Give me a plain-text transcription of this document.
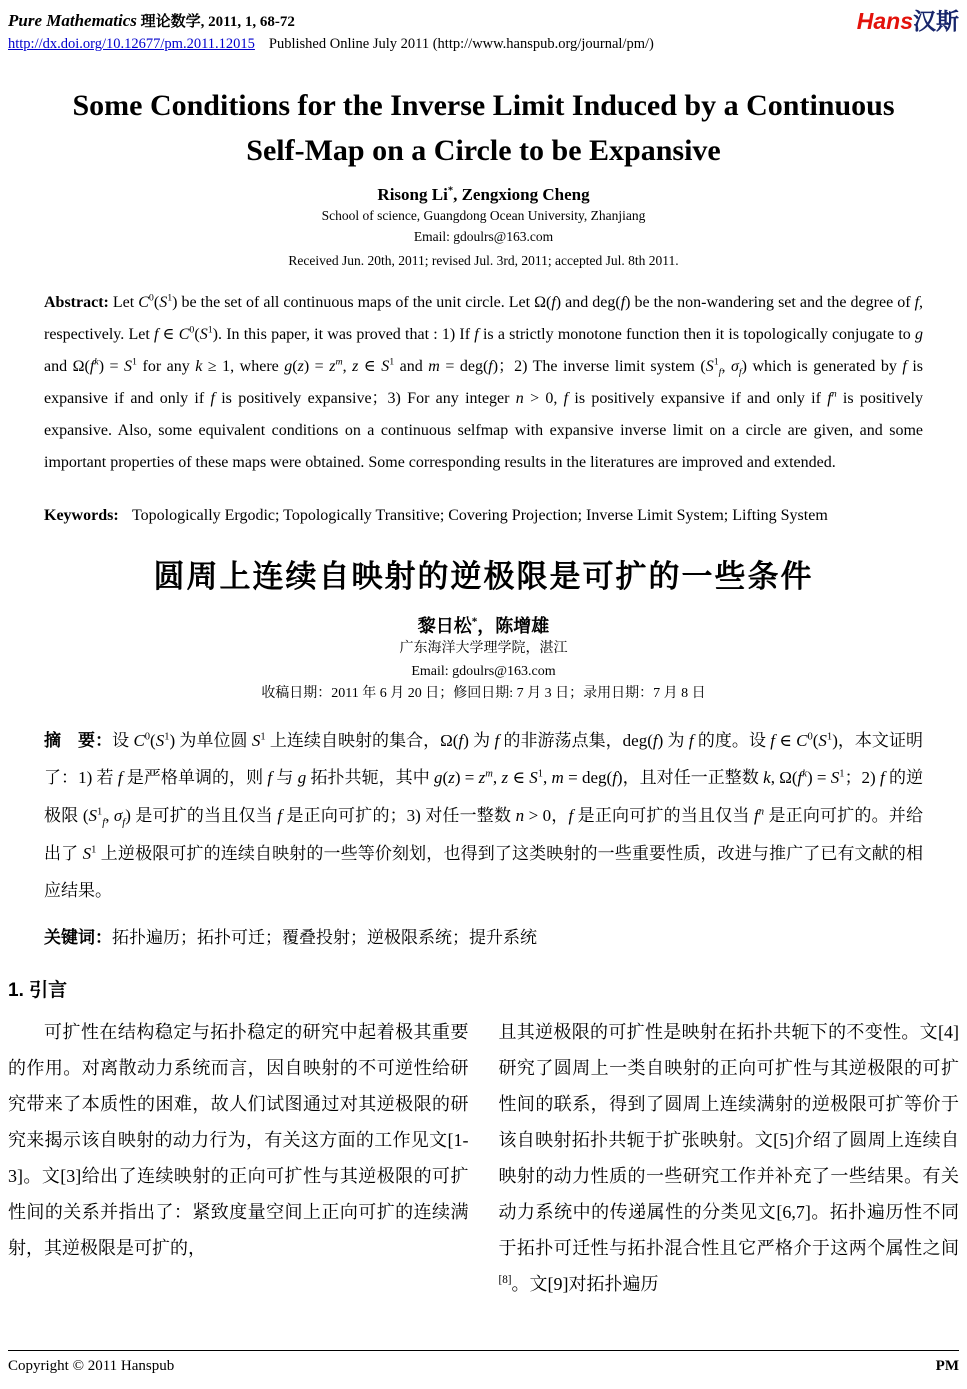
Pure Mathematics 理论数学, 2011, 1, 68-72	Hans汉斯
http://dx.doi.org/10.12677/pm.2011.12015 Published Online July 2011 (http://www.hanspub.org/journal/pm/)
Some Conditions for the Inverse Limit Induced by a Continuous Self-Map on a Circle to be Expansive
Risong Li*, Zengxiong Cheng
School of science, Guangdong Ocean University, Zhanjiang
Email: gdoulrs@163.com
Received Jun. 20th, 2011; revised Jul. 3rd, 2011; accepted Jul. 8th 2011.

Abstract: Let $C^0(S^1)$ be the set of all continuous maps of the unit circle. Let Ω(f) and deg(f) be the non-wandering set and the degree of f, respectively. Let f ∈ $C^0(S^1)$. In this paper, it was proved that : 1) If f is a strictly monotone function then it is topologically conjugate to g and $\Omega(f^k) = S^1$ for any k ≥ 1, where $g(z) = z^m$, z ∈ $S^1$ and m = deg(f)；2) The inverse limit system ($S^1_f$, $\sigma_f$) which is generated by f is expansive if and only if f is positively expansive；3) For any integer n > 0, f is positively expansive if and only if $f^n$ is positively expansive. Also, some equivalent conditions on a continuous selfmap with expansive inverse limit on a circle are given, and some important properties of these maps were obtained. Some corresponding results in the literatures are improved and extended.

Keywords: Topologically Ergodic; Topologically Transitive; Covering Projection; Inverse Limit System; Lifting System

圆周上连续自映射的逆极限是可扩的一些条件
黎日松*，陈增雄
广东海洋大学理学院，湛江
Email: gdoulrs@163.com
收稿日期：2011 年 6 月 20 日；修回日期: 7 月 3 日；录用日期：7 月 8 日

摘　要：设 $C^0(S^1)$ 为单位圆 $S^1$ 上连续自映射的集合，Ω(f) 为 f 的非游荡点集，deg(f) 为 f 的度。设 f ∈ $C^0(S^1)$，本文证明了：1) 若 f 是严格单调的，则 f 与 g 拓扑共轭，其中 $g(z) = z^m$, z ∈ $S^1$, m = deg(f)，且对任一正整数 k, $\Omega(f^k) = S^1$；2) f 的逆极限 ($S^1_f$, $\sigma_f$) 是可扩的当且仅当 f 是正向可扩的；3) 对任一整数 n > 0，f 是正向可扩的当且仅当 $f^n$ 是正向可扩的。并给出了 $S^1$ 上逆极限可扩的连续自映射的一些等价刻划，也得到了这类映射的一些重要性质，改进与推广了已有文献的相应结果。

关键词：拓扑遍历；拓扑可迁；覆叠投射；逆极限系统；提升系统

1. 引言

可扩性在结构稳定与拓扑稳定的研究中起着极其重要的作用。对离散动力系统而言，因自映射的不可逆性给研究带来了本质性的困难，故人们试图通过对其逆极限的研究来揭示该自映射的动力行为，有关这方面的工作见文[1-3]。文[3]给出了连续映射的正向可扩性与其逆极限的可扩性间的关系并指出了：紧致度量空间上正向可扩的连续满射，其逆极限是可扩的，

且其逆极限的可扩性是映射在拓扑共轭下的不变性。文[4]研究了圆周上一类自映射的正向可扩性与其逆极限的可扩性间的联系，得到了圆周上连续满射的逆极限可扩等价于该自映射拓扑共轭于扩张映射。文[5]介绍了圆周上连续自映射的动力性质的一些研究工作并补充了一些结果。有关动力系统中的传递属性的分类见文[6,7]。拓扑遍历性不同于拓扑可迁性与拓扑混合性且它严格介于这两个属性之间[8]。文[9]对拓扑遍历

Copyright © 2011 Hanspub	PM
